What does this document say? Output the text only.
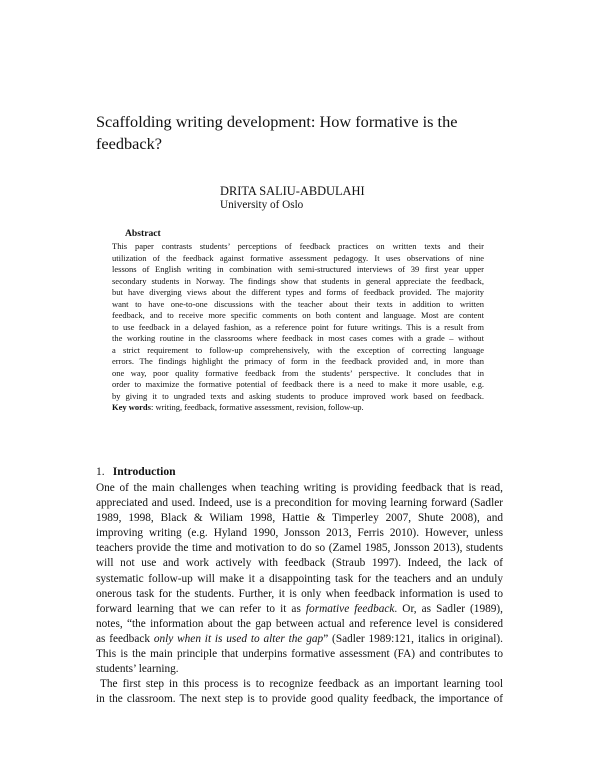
Scaffolding writing development: How formative is the feedback?
DRITA SALIU-ABDULAHI
University of Oslo
Abstract
This paper contrasts students’ perceptions of feedback practices on written texts and their
utilization of the feedback against formative assessment pedagogy. It uses observations of nine
lessons of English writing in combination with semi-structured interviews of 39 first year upper
secondary students in Norway. The findings show that students in general appreciate the feedback,
but have diverging views about the different types and forms of feedback provided. The majority
want to have one-to-one discussions with the teacher about their texts in addition to written
feedback, and to receive more specific comments on both content and language. Most are content
to use feedback in a delayed fashion, as a reference point for future writings. This is a result from
the working routine in the classrooms where feedback in most cases comes with a grade – without
a strict requirement to follow-up comprehensively, with the exception of correcting language
errors. The findings highlight the primacy of form in the feedback provided and, in more than
one way, poor quality formative feedback from the students’ perspective. It concludes that in
order to maximize the formative potential of feedback there is a need to make it more usable, e.g.
by giving it to ungraded texts and asking students to produce improved work based on feedback.
Key words: writing, feedback, formative assessment, revision, follow-up.
1. Introduction
One of the main challenges when teaching writing is providing feedback that is read,
appreciated and used. Indeed, use is a precondition for moving learning forward (Sadler
1989, 1998, Black & Wiliam 1998, Hattie & Timperley 2007, Shute 2008), and
improving writing (e.g. Hyland 1990, Jonsson 2013, Ferris 2010). However, unless
teachers provide the time and motivation to do so (Zamel 1985, Jonsson 2013), students
will not use and work actively with feedback (Straub 1997). Indeed, the lack of
systematic follow-up will make it a disappointing task for the teachers and an unduly
onerous task for the students. Further, it is only when feedback information is used to
forward learning that we can refer to it as formative feedback. Or, as Sadler (1989),
notes, “the information about the gap between actual and reference level is considered
as feedback only when it is used to alter the gap” (Sadler 1989:121, italics in original).
This is the main principle that underpins formative assessment (FA) and contributes to
students’ learning.
The first step in this process is to recognize feedback as an important learning tool
in the classroom. The next step is to provide good quality feedback, the importance of
